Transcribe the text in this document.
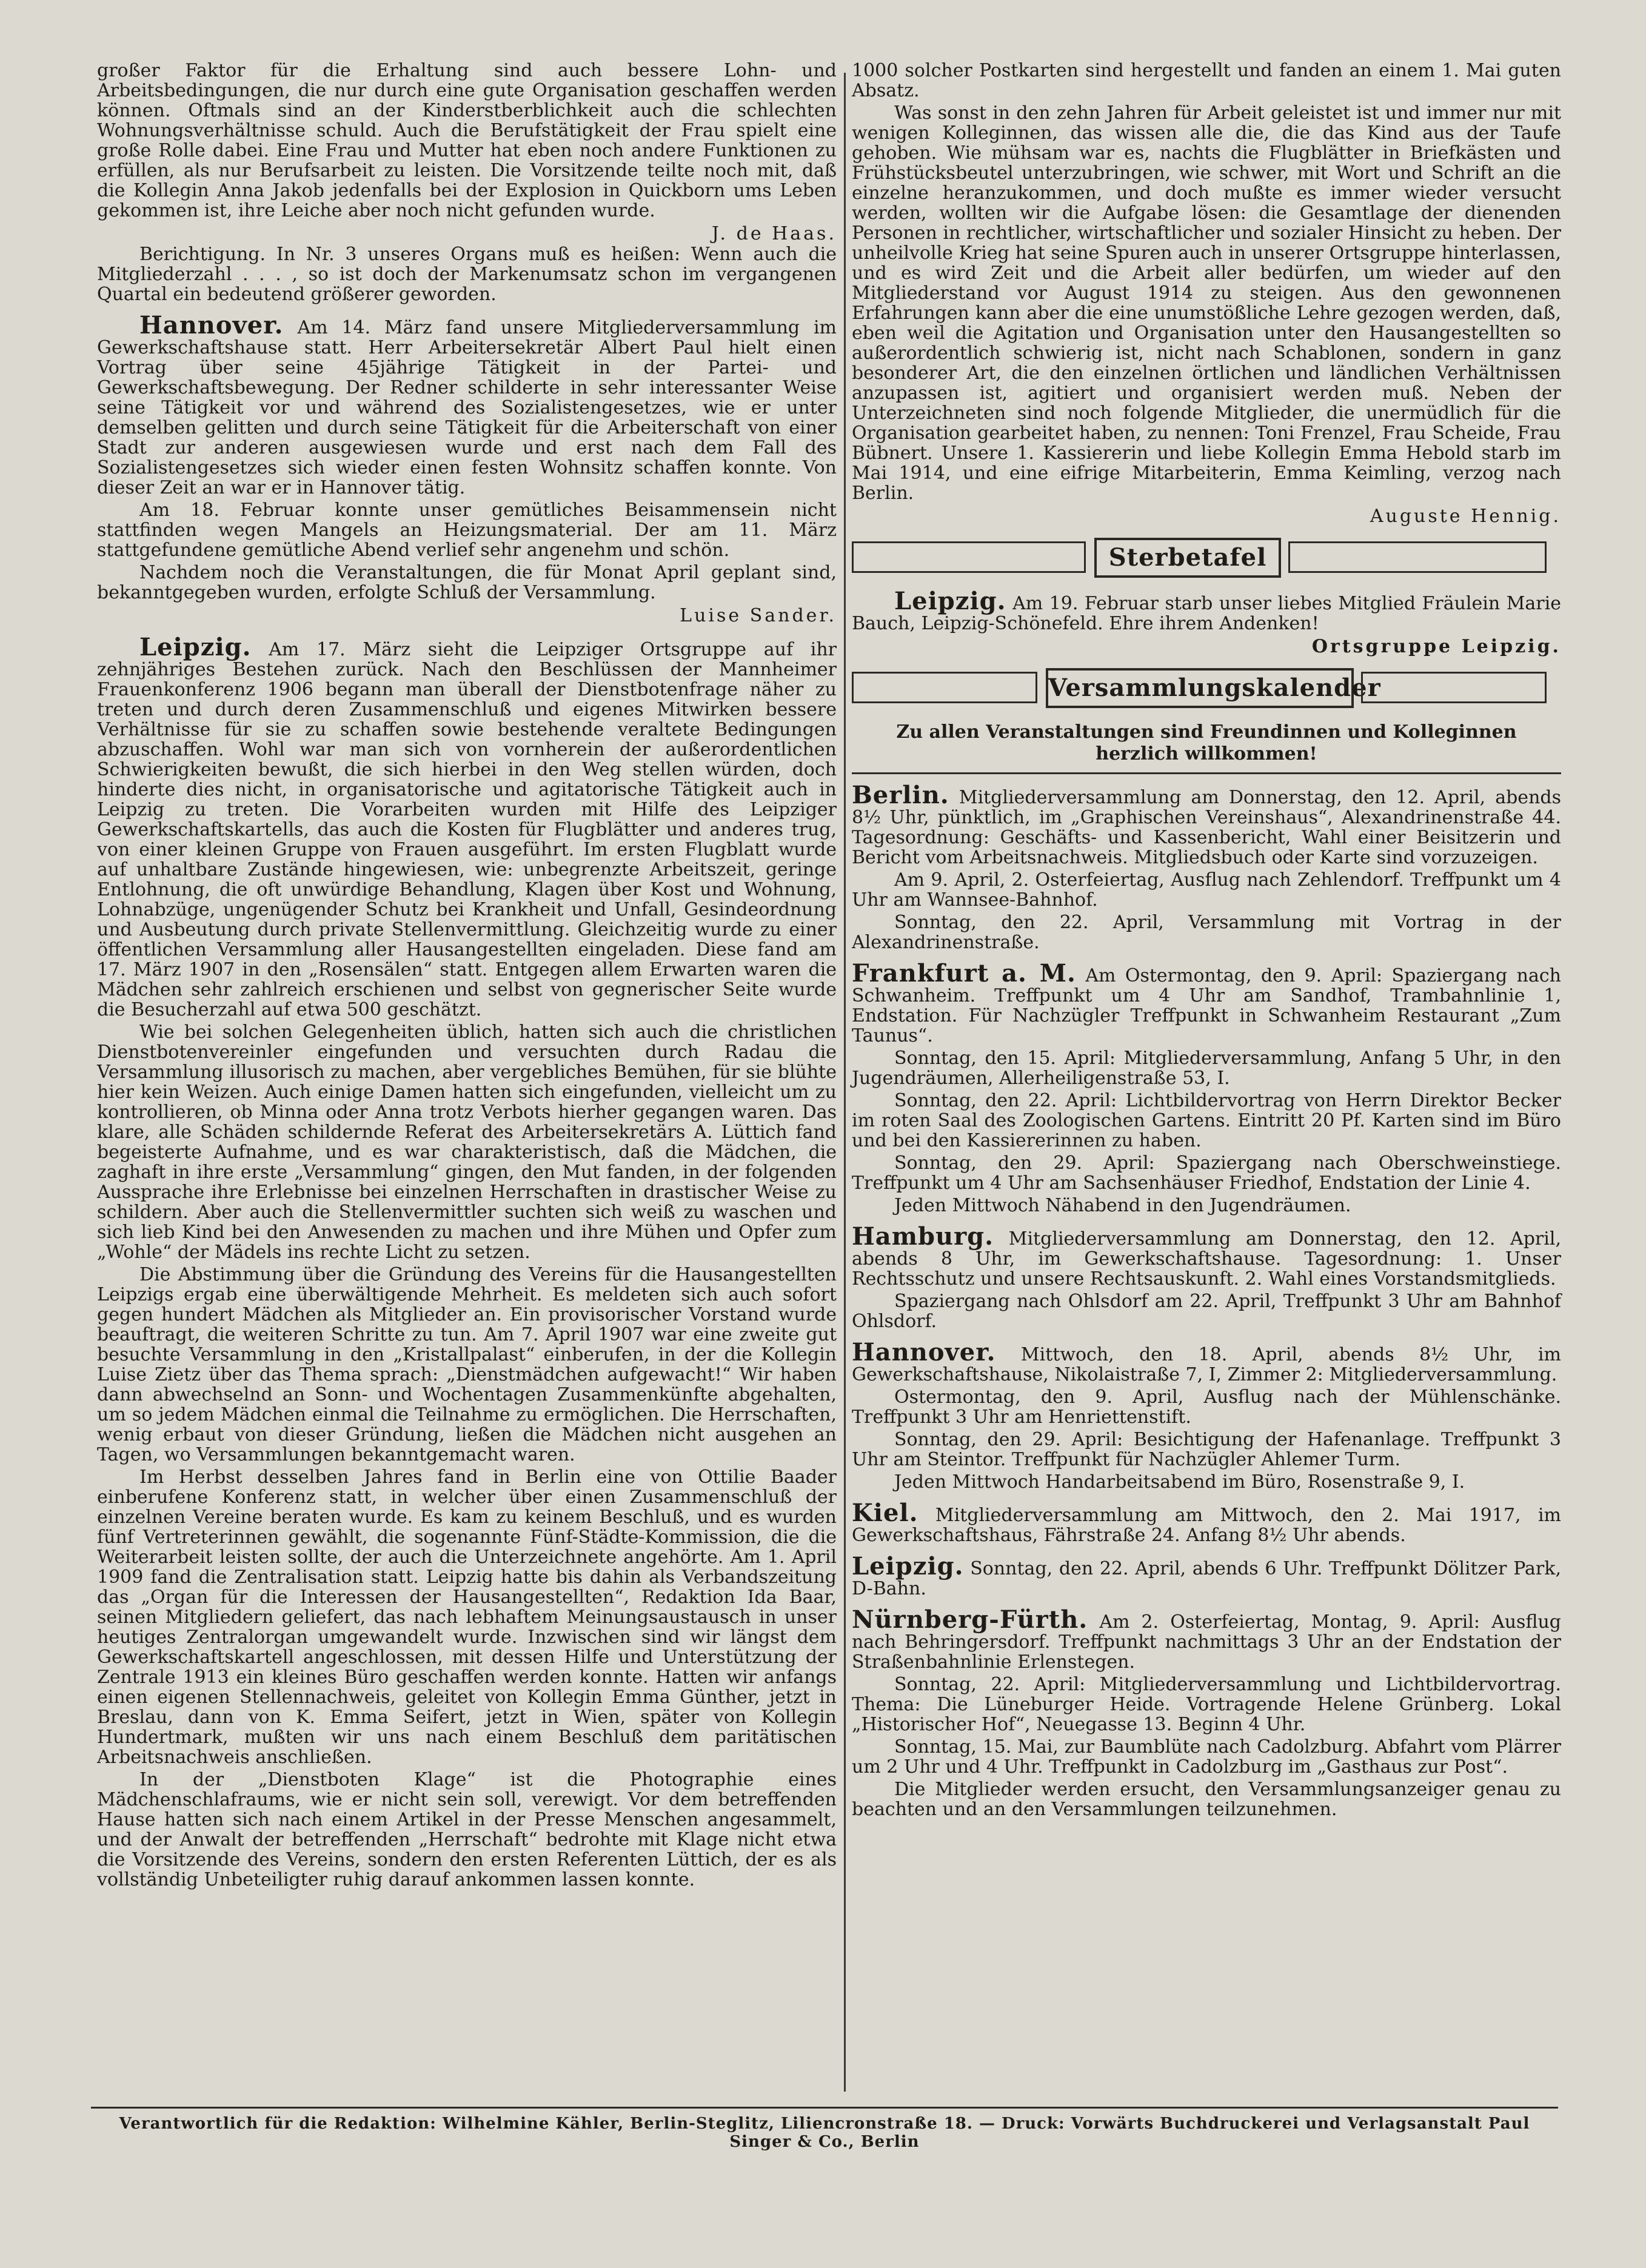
großer Faktor für die Erhaltung sind auch bessere Lohn- und Arbeitsbedingungen, die nur durch eine gute Organisation geschaffen werden können. Oftmals sind an der Kinderstberblichkeit auch die schlechten Wohnungsverhältnisse schuld. Auch die Berufstätigkeit der Frau spielt eine große Rolle dabei. Eine Frau und Mutter hat eben noch andere Funktionen zu erfüllen, als nur Berufsarbeit zu leisten. Die Vorsitzende teilte noch mit, daß die Kollegin Anna Jakob jedenfalls bei der Explosion in Quickborn ums Leben gekommen ist, ihre Leiche aber noch nicht gefunden wurde.

J. de Haas.

Berichtigung. In Nr. 3 unseres Organs muß es heißen: Wenn auch die Mitgliederzahl . . . , so ist doch der Markenumsatz schon im vergangenen Quartal ein bedeutend größerer geworden.

Hannover. Am 14. März fand unsere Mitgliederversammlung im Gewerkschaftshause statt. Herr Arbeitersekretär Albert Paul hielt einen Vortrag über seine 45jährige Tätigkeit in der Partei- und Gewerkschaftsbewegung. Der Redner schilderte in sehr interessanter Weise seine Tätigkeit vor und während des Sozialistengesetzes, wie er unter demselben gelitten und durch seine Tätigkeit für die Arbeiterschaft von einer Stadt zur anderen ausgewiesen wurde und erst nach dem Fall des Sozialistengesetzes sich wieder einen festen Wohnsitz schaffen konnte. Von dieser Zeit an war er in Hannover tätig.

Am 18. Februar konnte unser gemütliches Beisammensein nicht stattfinden wegen Mangels an Heizungsmaterial. Der am 11. März stattgefundene gemütliche Abend verlief sehr angenehm und schön.

Nachdem noch die Veranstaltungen, die für Monat April geplant sind, bekanntgegeben wurden, erfolgte Schluß der Versammlung.

Luise Sander.

Leipzig. Am 17. März sieht die Leipziger Ortsgruppe auf ihr zehnjähriges Bestehen zurück. Nach den Beschlüssen der Mannheimer Frauenkonferenz 1906 begann man überall der Dienstbotenfrage näher zu treten und durch deren Zusammenschluß und eigenes Mitwirken bessere Verhältnisse für sie zu schaffen sowie bestehende veraltete Bedingungen abzuschaffen. Wohl war man sich von vornherein der außerordentlichen Schwierigkeiten bewußt, die sich hierbei in den Weg stellen würden, doch hinderte dies nicht, in organisatorische und agitatorische Tätigkeit auch in Leipzig zu treten. Die Vorarbeiten wurden mit Hilfe des Leipziger Gewerkschaftskartells, das auch die Kosten für Flugblätter und anderes trug, von einer kleinen Gruppe von Frauen ausgeführt. Im ersten Flugblatt wurde auf unhaltbare Zustände hingewiesen, wie: unbegrenzte Arbeitszeit, geringe Entlohnung, die oft unwürdige Behandlung, Klagen über Kost und Wohnung, Lohnabzüge, ungenügender Schutz bei Krankheit und Unfall, Gesindeordnung und Ausbeutung durch private Stellenvermittlung. Gleichzeitig wurde zu einer öffentlichen Versammlung aller Hausangestellten eingeladen. Diese fand am 17. März 1907 in den „Rosensälen“ statt. Entgegen allem Erwarten waren die Mädchen sehr zahlreich erschienen und selbst von gegnerischer Seite wurde die Besucherzahl auf etwa 500 geschätzt.

Wie bei solchen Gelegenheiten üblich, hatten sich auch die christlichen Dienstbotenvereinler eingefunden und versuchten durch Radau die Versammlung illusorisch zu machen, aber vergebliches Bemühen, für sie blühte hier kein Weizen. Auch einige Damen hatten sich eingefunden, vielleicht um zu kontrollieren, ob Minna oder Anna trotz Verbots hierher gegangen waren. Das klare, alle Schäden schildernde Referat des Arbeitersekretärs A. Lüttich fand begeisterte Aufnahme, und es war charakteristisch, daß die Mädchen, die zaghaft in ihre erste „Versammlung“ gingen, den Mut fanden, in der folgenden Aussprache ihre Erlebnisse bei einzelnen Herrschaften in drastischer Weise zu schildern. Aber auch die Stellenvermittler suchten sich weiß zu waschen und sich lieb Kind bei den Anwesenden zu machen und ihre Mühen und Opfer zum „Wohle“ der Mädels ins rechte Licht zu setzen.

Die Abstimmung über die Gründung des Vereins für die Hausangestellten Leipzigs ergab eine überwältigende Mehrheit. Es meldeten sich auch sofort gegen hundert Mädchen als Mitglieder an. Ein provisorischer Vorstand wurde beauftragt, die weiteren Schritte zu tun. Am 7. April 1907 war eine zweite gut besuchte Versammlung in den „Kristallpalast“ einberufen, in der die Kollegin Luise Zietz über das Thema sprach: „Dienstmädchen aufgewacht!“ Wir haben dann abwechselnd an Sonn- und Wochentagen Zusammenkünfte abgehalten, um so jedem Mädchen einmal die Teilnahme zu ermöglichen. Die Herrschaften, wenig erbaut von dieser Gründung, ließen die Mädchen nicht ausgehen an Tagen, wo Versammlungen bekanntgemacht waren.

Im Herbst desselben Jahres fand in Berlin eine von Ottilie Baader einberufene Konferenz statt, in welcher über einen Zusammenschluß der einzelnen Vereine beraten wurde. Es kam zu keinem Beschluß, und es wurden fünf Vertreterinnen gewählt, die sogenannte Fünf-Städte-Kommission, die die Weiterarbeit leisten sollte, der auch die Unterzeichnete angehörte. Am 1. April 1909 fand die Zentralisation statt. Leipzig hatte bis dahin als Verbandszeitung das „Organ für die Interessen der Hausangestellten“, Redaktion Ida Baar, seinen Mitgliedern geliefert, das nach lebhaftem Meinungsaustausch in unser heutiges Zentralorgan umgewandelt wurde. Inzwischen sind wir längst dem Gewerkschaftskartell angeschlossen, mit dessen Hilfe und Unterstützung der Zentrale 1913 ein kleines Büro geschaffen werden konnte. Hatten wir anfangs einen eigenen Stellennachweis, geleitet von Kollegin Emma Günther, jetzt in Breslau, dann von K. Emma Seifert, jetzt in Wien, später von Kollegin Hundertmark, mußten wir uns nach einem Beschluß dem paritätischen Arbeitsnachweis anschließen.

In der „Dienstboten Klage“ ist die Photographie eines Mädchenschlafraums, wie er nicht sein soll, verewigt. Vor dem betreffenden Hause hatten sich nach einem Artikel in der Presse Menschen angesammelt, und der Anwalt der betreffenden „Herrschaft“ bedrohte mit Klage nicht etwa die Vorsitzende des Vereins, sondern den ersten Referenten Lüttich, der es als vollständig Unbeteiligter ruhig darauf ankommen lassen konnte.

1000 solcher Postkarten sind hergestellt und fanden an einem 1. Mai guten Absatz.

Was sonst in den zehn Jahren für Arbeit geleistet ist und immer nur mit wenigen Kolleginnen, das wissen alle die, die das Kind aus der Taufe gehoben. Wie mühsam war es, nachts die Flugblätter in Briefkästen und Frühstücksbeutel unterzubringen, wie schwer, mit Wort und Schrift an die einzelne heranzukommen, und doch mußte es immer wieder versucht werden, wollten wir die Aufgabe lösen: die Gesamtlage der dienenden Personen in rechtlicher, wirtschaftlicher und sozialer Hinsicht zu heben. Der unheilvolle Krieg hat seine Spuren auch in unserer Ortsgruppe hinterlassen, und es wird Zeit und die Arbeit aller bedürfen, um wieder auf den Mitgliederstand vor August 1914 zu steigen. Aus den gewonnenen Erfahrungen kann aber die eine unumstößliche Lehre gezogen werden, daß, eben weil die Agitation und Organisation unter den Hausangestellten so außerordentlich schwierig ist, nicht nach Schablonen, sondern in ganz besonderer Art, die den einzelnen örtlichen und ländlichen Verhältnissen anzupassen ist, agitiert und organisiert werden muß. Neben der Unterzeichneten sind noch folgende Mitglieder, die unermüdlich für die Organisation gearbeitet haben, zu nennen: Toni Frenzel, Frau Scheide, Frau Bübnert. Unsere 1. Kassiererin und liebe Kollegin Emma Hebold starb im Mai 1914, und eine eifrige Mitarbeiterin, Emma Keimling, verzog nach Berlin.

Auguste Hennig.
Sterbetafel

Leipzig. Am 19. Februar starb unser liebes Mitglied Fräulein Marie Bauch, Leipzig-Schönefeld. Ehre ihrem Andenken!

Ortsgruppe Leipzig.
Versammlungskalender
Zu allen Veranstaltungen sind Freundinnen und Kolleginnen herzlich willkommen!

Berlin. Mitgliederversammlung am Donnerstag, den 12. April, abends 8½ Uhr, pünktlich, im „Graphischen Vereinshaus“, Alexandrinenstraße 44. Tagesordnung: Geschäfts- und Kassenbericht, Wahl einer Beisitzerin und Bericht vom Arbeitsnachweis. Mitgliedsbuch oder Karte sind vorzuzeigen.

Am 9. April, 2. Osterfeiertag, Ausflug nach Zehlendorf. Treffpunkt um 4 Uhr am Wannsee-Bahnhof.

Sonntag, den 22. April, Versammlung mit Vortrag in der Alexandrinenstraße.

Frankfurt a. M. Am Ostermontag, den 9. April: Spaziergang nach Schwanheim. Treffpunkt um 4 Uhr am Sandhof, Trambahnlinie 1, Endstation. Für Nachzügler Treffpunkt in Schwanheim Restaurant „Zum Taunus“.

Sonntag, den 15. April: Mitgliederversammlung, Anfang 5 Uhr, in den Jugendräumen, Allerheiligenstraße 53, I.

Sonntag, den 22. April: Lichtbildervortrag von Herrn Direktor Becker im roten Saal des Zoologischen Gartens. Eintritt 20 Pf. Karten sind im Büro und bei den Kassiererinnen zu haben.

Sonntag, den 29. April: Spaziergang nach Oberschweinstiege. Treffpunkt um 4 Uhr am Sachsenhäuser Friedhof, Endstation der Linie 4.

Jeden Mittwoch Nähabend in den Jugendräumen.

Hamburg. Mitgliederversammlung am Donnerstag, den 12. April, abends 8 Uhr, im Gewerkschaftshause. Tagesordnung: 1. Unser Rechtsschutz und unsere Rechtsauskunft. 2. Wahl eines Vorstandsmitglieds.

Spaziergang nach Ohlsdorf am 22. April, Treffpunkt 3 Uhr am Bahnhof Ohlsdorf.

Hannover. Mittwoch, den 18. April, abends 8½ Uhr, im Gewerkschaftshause, Nikolaistraße 7, I, Zimmer 2: Mitgliederversammlung.

Ostermontag, den 9. April, Ausflug nach der Mühlenschänke. Treffpunkt 3 Uhr am Henriettenstift.

Sonntag, den 29. April: Besichtigung der Hafenanlage. Treffpunkt 3 Uhr am Steintor. Treffpunkt für Nachzügler Ahlemer Turm.

Jeden Mittwoch Handarbeitsabend im Büro, Rosenstraße 9, I.

Kiel. Mitgliederversammlung am Mittwoch, den 2. Mai 1917, im Gewerkschaftshaus, Fährstraße 24. Anfang 8½ Uhr abends.

Leipzig. Sonntag, den 22. April, abends 6 Uhr. Treffpunkt Dölitzer Park, D-Bahn.

Nürnberg-Fürth. Am 2. Osterfeiertag, Montag, 9. April: Ausflug nach Behringersdorf. Treffpunkt nachmittags 3 Uhr an der Endstation der Straßenbahnlinie Erlenstegen.

Sonntag, 22. April: Mitgliederversammlung und Lichtbildervortrag. Thema: Die Lüneburger Heide. Vortragende Helene Grünberg. Lokal „Historischer Hof“, Neuegasse 13. Beginn 4 Uhr.

Sonntag, 15. Mai, zur Baumblüte nach Cadolzburg. Abfahrt vom Plärrer um 2 Uhr und 4 Uhr. Treffpunkt in Cadolzburg im „Gasthaus zur Post“.

Die Mitglieder werden ersucht, den Versammlungsanzeiger genau zu beachten und an den Versammlungen teilzunehmen.

Verantwortlich für die Redaktion: Wilhelmine Kähler, Berlin-Steglitz, Liliencronstraße 18. — Druck: Vorwärts Buchdruckerei und Verlagsanstalt Paul Singer & Co., Berlin
